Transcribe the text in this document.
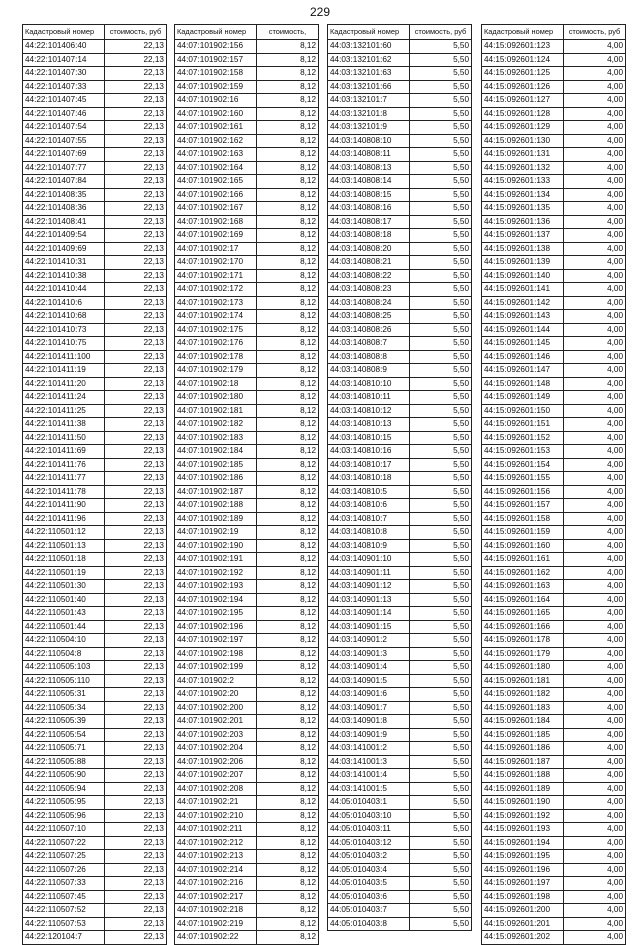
229
Кадастровый номер	стоимость, руб
44:22:101406:40	22,13
44:22:101407:14	22,13
44:22:101407:30	22,13
44:22:101407:33	22,13
44:22:101407:45	22,13
44:22:101407:46	22,13
44:22:101407:54	22,13
44:22:101407:55	22,13
44:22:101407:69	22,13
44:22:101407:77	22,13
44:22:101407:84	22,13
44:22:101408:35	22,13
44:22:101408:36	22,13
44:22:101408:41	22,13
44:22:101409:54	22,13
44:22:101409:69	22,13
44:22:101410:31	22,13
44:22:101410:38	22,13
44:22:101410:44	22,13
44:22:101410:6	22,13
44:22:101410:68	22,13
44:22:101410:73	22,13
44:22:101410:75	22,13
44:22:101411:100	22,13
44:22:101411:19	22,13
44:22:101411:20	22,13
44:22:101411:24	22,13
44:22:101411:25	22,13
44:22:101411:38	22,13
44:22:101411:50	22,13
44:22:101411:69	22,13
44:22:101411:76	22,13
44:22:101411:77	22,13
44:22:101411:78	22,13
44:22:101411:90	22,13
44:22:101411:96	22,13
44:22:110501:12	22,13
44:22:110501:13	22,13
44:22:110501:18	22,13
44:22:110501:19	22,13
44:22:110501:30	22,13
44:22:110501:40	22,13
44:22:110501:43	22,13
44:22:110501:44	22,13
44:22:110504:10	22,13
44:22:110504:8	22,13
44:22:110505:103	22,13
44:22:110505:110	22,13
44:22:110505:31	22,13
44:22:110505:34	22,13
44:22:110505:39	22,13
44:22:110505:54	22,13
44:22:110505:71	22,13
44:22:110505:88	22,13
44:22:110505:90	22,13
44:22:110505:94	22,13
44:22:110505:95	22,13
44:22:110505:96	22,13
44:22:110507:10	22,13
44:22:110507:22	22,13
44:22:110507:25	22,13
44:22:110507:26	22,13
44:22:110507:33	22,13
44:22:110507:45	22,13
44:22:110507:52	22,13
44:22:110507:53	22,13
44:22:120104:7	22,13
Кадастровый номер	стоимость,
44:07:101902:156	8,12
44:07:101902:157	8,12
44:07:101902:158	8,12
44:07:101902:159	8,12
44:07:101902:16	8,12
44:07:101902:160	8,12
44:07:101902:161	8,12
44:07:101902:162	8,12
44:07:101902:163	8,12
44:07:101902:164	8,12
44:07:101902:165	8,12
44:07:101902:166	8,12
44:07:101902:167	8,12
44:07:101902:168	8,12
44:07:101902:169	8,12
44:07:101902:17	8,12
44:07:101902:170	8,12
44:07:101902:171	8,12
44:07:101902:172	8,12
44:07:101902:173	8,12
44:07:101902:174	8,12
44:07:101902:175	8,12
44:07:101902:176	8,12
44:07:101902:178	8,12
44:07:101902:179	8,12
44:07:101902:18	8,12
44:07:101902:180	8,12
44:07:101902:181	8,12
44:07:101902:182	8,12
44:07:101902:183	8,12
44:07:101902:184	8,12
44:07:101902:185	8,12
44:07:101902:186	8,12
44:07:101902:187	8,12
44:07:101902:188	8,12
44:07:101902:189	8,12
44:07:101902:19	8,12
44:07:101902:190	8,12
44:07:101902:191	8,12
44:07:101902:192	8,12
44:07:101902:193	8,12
44:07:101902:194	8,12
44:07:101902:195	8,12
44:07:101902:196	8,12
44:07:101902:197	8,12
44:07:101902:198	8,12
44:07:101902:199	8,12
44:07:101902:2	8,12
44:07:101902:20	8,12
44:07:101902:200	8,12
44:07:101902:201	8,12
44:07:101902:203	8,12
44:07:101902:204	8,12
44:07:101902:206	8,12
44:07:101902:207	8,12
44:07:101902:208	8,12
44:07:101902:21	8,12
44:07:101902:210	8,12
44:07:101902:211	8,12
44:07:101902:212	8,12
44:07:101902:213	8,12
44:07:101902:214	8,12
44:07:101902:216	8,12
44:07:101902:217	8,12
44:07:101902:218	8,12
44:07:101902:219	8,12
44:07:101902:22	8,12
Кадастровый номер	стоимость, руб
44:03:132101:60	5,50
44:03:132101:62	5,50
44:03:132101:63	5,50
44:03:132101:66	5,50
44:03:132101:7	5,50
44:03:132101:8	5,50
44:03:132101:9	5,50
44:03:140808:10	5,50
44:03:140808:11	5,50
44:03:140808:13	5,50
44:03:140808:14	5,50
44:03:140808:15	5,50
44:03:140808:16	5,50
44:03:140808:17	5,50
44:03:140808:18	5,50
44:03:140808:20	5,50
44:03:140808:21	5,50
44:03:140808:22	5,50
44:03:140808:23	5,50
44:03:140808:24	5,50
44:03:140808:25	5,50
44:03:140808:26	5,50
44:03:140808:7	5,50
44:03:140808:8	5,50
44:03:140808:9	5,50
44:03:140810:10	5,50
44:03:140810:11	5,50
44:03:140810:12	5,50
44:03:140810:13	5,50
44:03:140810:15	5,50
44:03:140810:16	5,50
44:03:140810:17	5,50
44:03:140810:18	5,50
44:03:140810:5	5,50
44:03:140810:6	5,50
44:03:140810:7	5,50
44:03:140810:8	5,50
44:03:140810:9	5,50
44:03:140901:10	5,50
44:03:140901:11	5,50
44:03:140901:12	5,50
44:03:140901:13	5,50
44:03:140901:14	5,50
44:03:140901:15	5,50
44:03:140901:2	5,50
44:03:140901:3	5,50
44:03:140901:4	5,50
44:03:140901:5	5,50
44:03:140901:6	5,50
44:03:140901:7	5,50
44:03:140901:8	5,50
44:03:140901:9	5,50
44:03:141001:2	5,50
44:03:141001:3	5,50
44:03:141001:4	5,50
44:03:141001:5	5,50
44:05:010403:1	5,50
44:05:010403:10	5,50
44:05:010403:11	5,50
44:05:010403:12	5,50
44:05:010403:2	5,50
44:05:010403:4	5,50
44:05:010403:5	5,50
44:05:010403:6	5,50
44:05:010403:7	5,50
44:05:010403:8	5,50
Кадастровый номер	стоимость, руб
44:15:092601:123	4,00
44:15:092601:124	4,00
44:15:092601:125	4,00
44:15:092601:126	4,00
44:15:092601:127	4,00
44:15:092601:128	4,00
44:15:092601:129	4,00
44:15:092601:130	4,00
44:15:092601:131	4,00
44:15:092601:132	4,00
44:15:092601:133	4,00
44:15:092601:134	4,00
44:15:092601:135	4,00
44:15:092601:136	4,00
44:15:092601:137	4,00
44:15:092601:138	4,00
44:15:092601:139	4,00
44:15:092601:140	4,00
44:15:092601:141	4,00
44:15:092601:142	4,00
44:15:092601:143	4,00
44:15:092601:144	4,00
44:15:092601:145	4,00
44:15:092601:146	4,00
44:15:092601:147	4,00
44:15:092601:148	4,00
44:15:092601:149	4,00
44:15:092601:150	4,00
44:15:092601:151	4,00
44:15:092601:152	4,00
44:15:092601:153	4,00
44:15:092601:154	4,00
44:15:092601:155	4,00
44:15:092601:156	4,00
44:15:092601:157	4,00
44:15:092601:158	4,00
44:15:092601:159	4,00
44:15:092601:160	4,00
44:15:092601:161	4,00
44:15:092601:162	4,00
44:15:092601:163	4,00
44:15:092601:164	4,00
44:15:092601:165	4,00
44:15:092601:166	4,00
44:15:092601:178	4,00
44:15:092601:179	4,00
44:15:092601:180	4,00
44:15:092601:181	4,00
44:15:092601:182	4,00
44:15:092601:183	4,00
44:15:092601:184	4,00
44:15:092601:185	4,00
44:15:092601:186	4,00
44:15:092601:187	4,00
44:15:092601:188	4,00
44:15:092601:189	4,00
44:15:092601:190	4,00
44:15:092601:192	4,00
44:15:092601:193	4,00
44:15:092601:194	4,00
44:15:092601:195	4,00
44:15:092601:196	4,00
44:15:092601:197	4,00
44:15:092601:198	4,00
44:15:092601:200	4,00
44:15:092601:201	4,00
44:15:092601:202	4,00
